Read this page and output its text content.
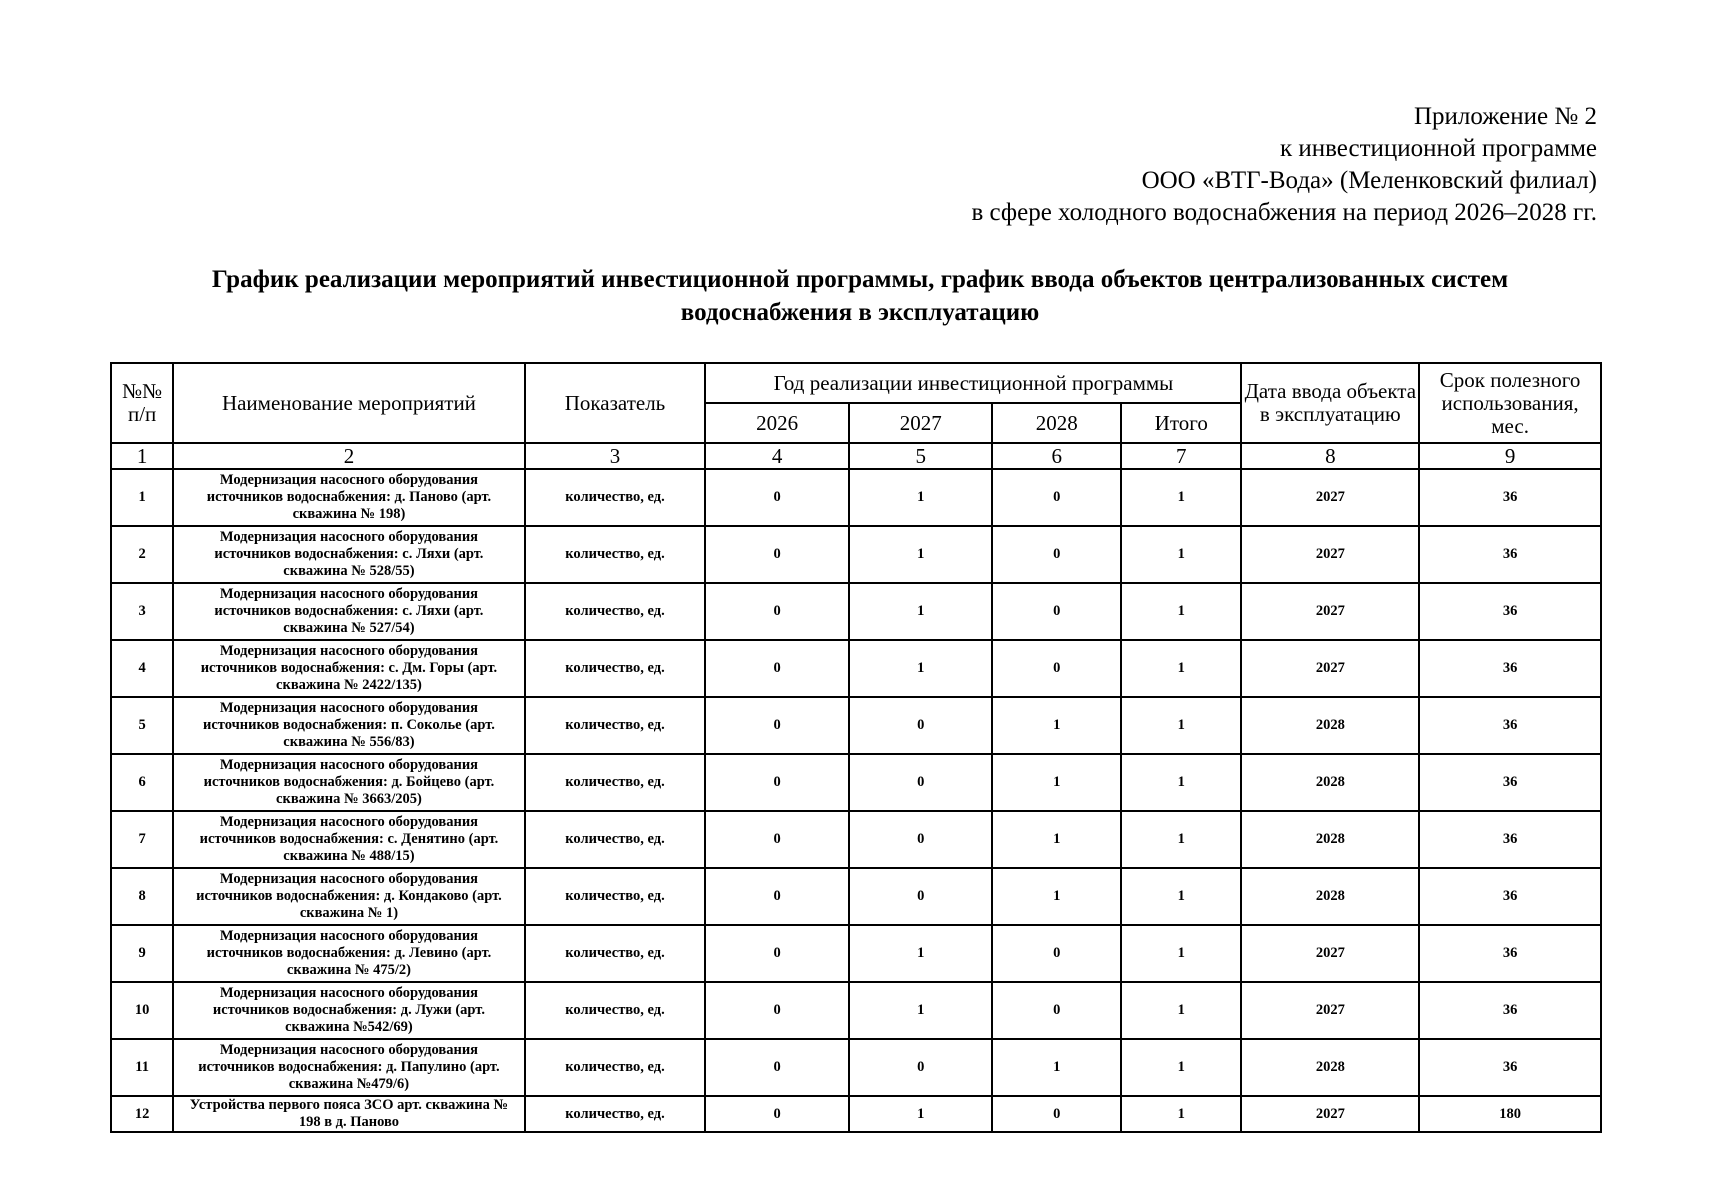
Приложение № 2
к инвестиционной программе
ООО «ВТГ-Вода» (Меленковский филиал)
в сфере холодного водоснабжения на период 2026–2028 гг.
График реализации мероприятий инвестиционной программы, график ввода объектов централизованных систем
водоснабжения в эксплуатацию
№№ п/п	Наименование мероприятий	Показатель	Год реализации инвестиционной программы				Дата ввода объекта в эксплуатацию	Срок полезного использования, мес.
			2026	2027	2028	Итого		
1	2	3	4	5	6	7	8	9
1	Модернизация насосного оборудования источников водоснабжения: д. Паново (арт. скважина № 198)	количество, ед.	0	1	0	1	2027	36
2	Модернизация насосного оборудования источников водоснабжения: с. Ляхи (арт. скважина № 528/55)	количество, ед.	0	1	0	1	2027	36
3	Модернизация насосного оборудования источников водоснабжения: с. Ляхи (арт. скважина № 527/54)	количество, ед.	0	1	0	1	2027	36
4	Модернизация насосного оборудования источников водоснабжения: с. Дм. Горы (арт. скважина № 2422/135)	количество, ед.	0	1	0	1	2027	36
5	Модернизация насосного оборудования источников водоснабжения: п. Соколье (арт. скважина № 556/83)	количество, ед.	0	0	1	1	2028	36
6	Модернизация насосного оборудования источников водоснабжения: д. Бойцево (арт. скважина № 3663/205)	количество, ед.	0	0	1	1	2028	36
7	Модернизация насосного оборудования источников водоснабжения: с. Денятино (арт. скважина № 488/15)	количество, ед.	0	0	1	1	2028	36
8	Модернизация насосного оборудования источников водоснабжения: д. Кондаково (арт. скважина № 1)	количество, ед.	0	0	1	1	2028	36
9	Модернизация насосного оборудования источников водоснабжения: д. Левино (арт. скважина № 475/2)	количество, ед.	0	1	0	1	2027	36
10	Модернизация насосного оборудования источников водоснабжения: д. Лужи (арт. скважина №542/69)	количество, ед.	0	1	0	1	2027	36
11	Модернизация насосного оборудования источников водоснабжения: д. Папулино (арт. скважина №479/6)	количество, ед.	0	0	1	1	2028	36
12	Устройства первого пояса ЗСО арт. скважина № 198 в д. Паново	количество, ед.	0	1	0	1	2027	180
